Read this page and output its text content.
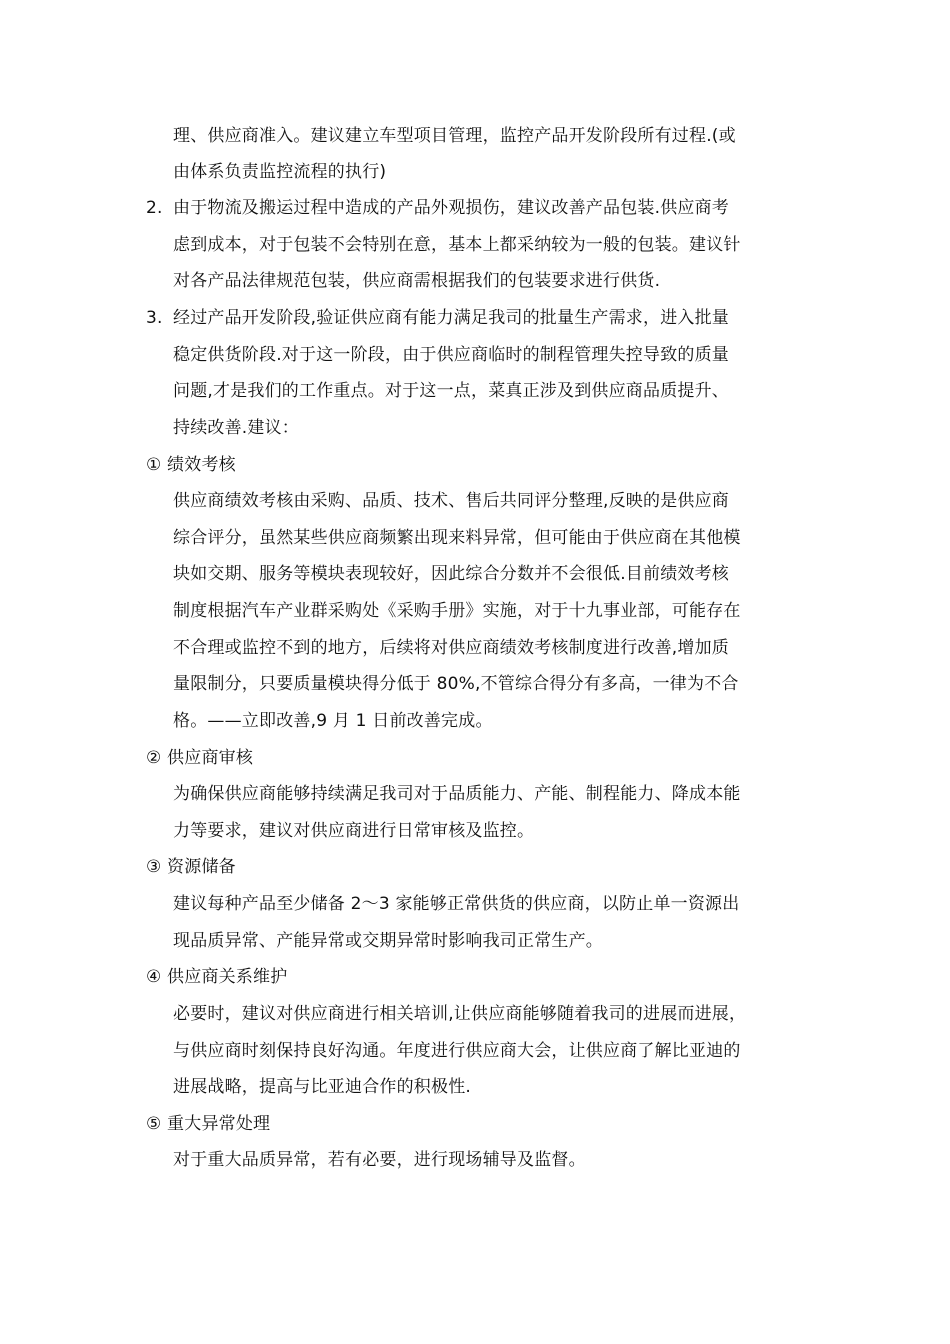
理、供应商准入。建议建立车型项目管理，监控产品开发阶段所有过程.(或
由体系负责监控流程的执行)
2. 由于物流及搬运过程中造成的产品外观损伤，建议改善产品包装.供应商考
虑到成本，对于包装不会特别在意，基本上都采纳较为一般的包装。建议针
对各产品法律规范包装，供应商需根据我们的包装要求进行供货.
3. 经过产品开发阶段,验证供应商有能力满足我司的批量生产需求，进入批量
稳定供货阶段.对于这一阶段，由于供应商临时的制程管理失控导致的质量
问题,才是我们的工作重点。对于这一点，菜真正涉及到供应商品质提升、
持续改善.建议：
① 绩效考核
供应商绩效考核由采购、品质、技术、售后共同评分整理,反映的是供应商
综合评分，虽然某些供应商频繁出现来料异常，但可能由于供应商在其他模
块如交期、服务等模块表现较好，因此综合分数并不会很低.目前绩效考核
制度根据汽车产业群采购处《采购手册》实施，对于十九事业部，可能存在
不合理或监控不到的地方，后续将对供应商绩效考核制度进行改善,增加质
量限制分，只要质量模块得分低于 80%,不管综合得分有多高，一律为不合
格。——立即改善,9 月 1 日前改善完成。
② 供应商审核
为确保供应商能够持续满足我司对于品质能力、产能、制程能力、降成本能
力等要求，建议对供应商进行日常审核及监控。
③ 资源储备
建议每种产品至少储备 2～3 家能够正常供货的供应商，以防止单一资源出
现品质异常、产能异常或交期异常时影响我司正常生产。
④ 供应商关系维护
必要时，建议对供应商进行相关培训,让供应商能够随着我司的进展而进展，
与供应商时刻保持良好沟通。年度进行供应商大会，让供应商了解比亚迪的
进展战略，提高与比亚迪合作的积极性.
⑤ 重大异常处理
对于重大品质异常，若有必要，进行现场辅导及监督。
